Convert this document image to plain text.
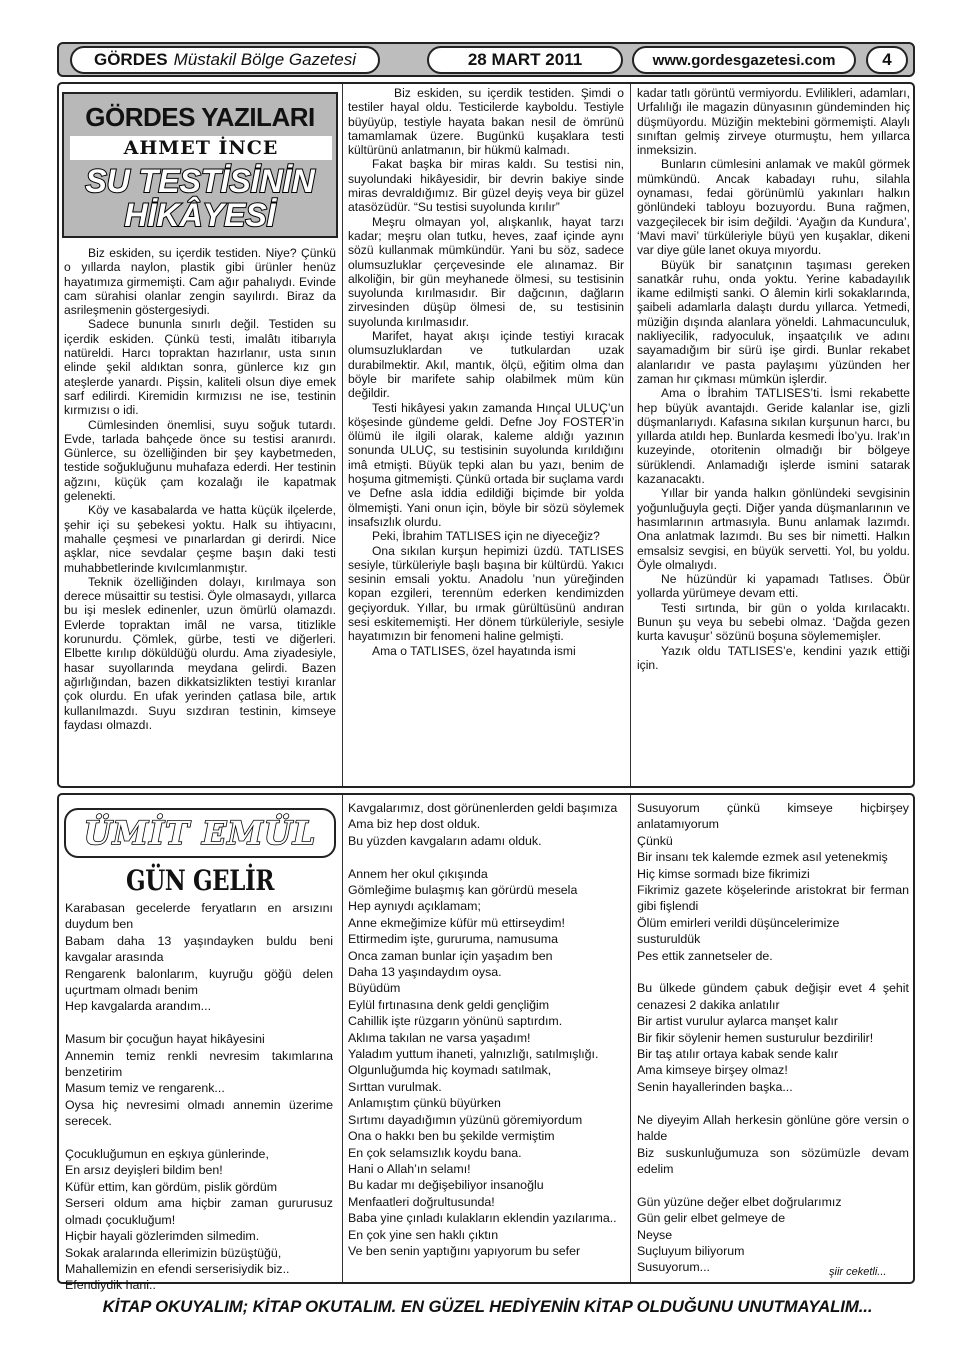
GÖRDES Müstakil Bölge Gazetesi	28 MART 2011	www.gordesgazetesi.com	4
GÖRDES YAZILARI
AHMET İNCE
SU TESTİSİNİN
HİKÂYESİ

Biz eskiden, su içerdik testiden. Niye? Çünkü o yıllarda naylon, plastik gibi ürünler henüz hayatımıza girmemişti. Cam ağır pahalıydı. Evinde cam sürahisi olanlar zengin sayılırdı. Biraz da asrileşmenin göstergesiydi.

Sadece bununla sınırlı değil. Testiden su içerdik eskiden. Çünkü testi, imalâtı itibarıyla natüreldi. Harcı topraktan hazırlanır, usta sının elinde şekil aldıktan sonra, günlerce kız gın ateşlerde yanardı. Pişsin, kaliteli olsun diye emek sarf edilirdi. Kiremidin kırmızısı ne ise, testinin kırmızısı o idi.

Cümlesinden önemlisi, suyu soğuk tutardı. Evde, tarlada bahçede önce su testisi aranırdı. Günlerce, su özelliğinden bir şey kaybetmeden, testide soğukluğunu muhafaza ederdi. Her testinin ağzını, küçük çam kozalağı ile kapatmak gelenekti.

Köy ve kasabalarda ve hatta küçük ilçelerde, şehir içi su şebekesi yoktu. Halk su ihtiyacını, mahalle çeşmesi ve pınarlardan gi derirdi. Nice aşklar, nice sevdalar çeşme başın daki testi muhabbetlerinde kıvılcımlanmıştır.

Teknik özelliğinden dolayı, kırılmaya son derece müsaittir su testisi. Öyle olmasaydı, yıllarca bu işi meslek edinenler, uzun ömürlü olamazdı. Evlerde topraktan imâl ne varsa, titizlikle korunurdu. Çömlek, gürbe, testi ve diğerleri. Elbette kırılıp döküldüğü olurdu. Ama ziyadesiyle, hasar suyollarında meydana gelirdi. Bazen ağırlığından, bazen dikkatsizlikten testiyi kıranlar çok olurdu. En ufak yerinden çatlasa bile, artık kullanılmazdı. Suyu sızdıran testinin, kimseye faydası olmazdı.

Biz eskiden, su içerdik testiden. Şimdi o testiler hayal oldu. Testicilerde kayboldu. Testiyle büyüyüp, testiyle hayata bakan nesil de ömrünü tamamlamak üzere. Bugünkü kuşaklara testi kültürünü anlatmanın, bir hükmü kalmadı.

Fakat başka bir miras kaldı. Su testisi nin, suyolundaki hikâyesidir, bir devrin bakiye sinde miras devraldığımız. Bir güzel deyiş veya bir güzel atasözüdür. “Su testisi suyolunda kırılır”

Meşru olmayan yol, alışkanlık, hayat tarzı kadar; meşru olan tutku, heves, zaaf içinde aynı sözü kullanmak mümkündür. Yani bu söz, sadece olumsuzluklar çerçevesinde ele alınamaz. Bir alkoliğin, bir gün meyhanede ölmesi, su testisinin suyolunda kırılmasıdır. Bir dağcının, dağların zirvesinden düşüp ölmesi de, su testisinin suyolunda kırılmasıdır.

Marifet, hayat akışı içinde testiyi kıracak olumsuzluklardan ve tutkulardan uzak durabilmektir. Akıl, mantık, ölçü, eğitim olma dan böyle bir marifete sahip olabilmek müm kün değildir.

Testi hikâyesi yakın zamanda Hınçal ULUÇ’un köşesinde gündeme geldi. Defne Joy FOSTER’in ölümü ile ilgili olarak, kaleme aldığı yazının sonunda ULUÇ, su testisinin suyolunda kırıldığını imâ etmişti. Büyük tepki alan bu yazı, benim de hoşuma gitmemişti. Çünkü ortada bir suçlama vardı ve Defne asla iddia edildiği biçimde bir yolda ölmemişti. Yani onun için, böyle bir sözü söylemek insafsızlık olurdu.

Peki, İbrahim TATLISES için ne diyeceğiz?

Ona sıkılan kurşun hepimizi üzdü. TATLISES sesiyle, türküleriyle başlı başına bir kültürdü. Yakıcı sesinin emsali yoktu. Anadolu ’nun yüreğinden kopan ezgileri, terennüm ederken kendimizden geçiyorduk. Yıllar, bu ırmak gürültüsünü andıran sesi eskitememişti. Her dönem türküleriyle, sesiyle hayatımızın bir fenomeni haline gelmişti.

Ama o TATLISES, özel hayatında ismi

kadar tatlı görüntü vermiyordu. Evlilikleri, adamları, Urfalılığı ile magazin dünyasının gündeminden hiç düşmüyordu. Müziğin mektebini görmemişti. Alaylı sınıftan gelmiş zirveye oturmuştu, hem yıllarca inmeksizin.

Bunların cümlesini anlamak ve makûl görmek mümkündü. Ancak kabadayı ruhu, silahla oynaması, fedai görünümlü yakınları halkın gönlündeki tabloyu bozuyordu. Buna rağmen, vazgeçilecek bir isim değildi. ‘Ayağın da Kundura’, ‘Mavi mavi’ türküleriyle büyü yen kuşaklar, dikeni var diye güle lanet okuya mıyordu.

Büyük bir sanatçının taşıması gereken sanatkâr ruhu, onda yoktu. Yerine kabadayılık ikame edilmişti sanki. O âlemin kirli sokaklarında, şaibeli adamlarla dalaştı durdu yıllarca. Yetmedi, müziğin dışında alanlara yöneldi. Lahmacunculuk, nakliyecilik, radyoculuk, inşaatçılık ve adını sayamadığım bir sürü işe girdi. Bunlar rekabet alanlarıdır ve pasta paylaşımı yüzünden her zaman hır çıkması mümkün işlerdir.

Ama o İbrahim TATLISES’ti. İsmi rekabette hep büyük avantajdı. Geride kalanlar ise, gizli düşmanlarıydı. Kafasına sıkılan kurşunun harcı, bu yıllarda atıldı hep. Bunlarda kesmedi İbo’yu. Irak’ın kuzeyinde, otoritenin olmadığı bir bölgeye sürüklendi. Anlamadığı işlerde ismini satarak kazanacaktı.

Yıllar bir yanda halkın gönlündeki sevgisinin yoğunluğuyla geçti. Diğer yanda düşmanlarının ve hasımlarının artmasıyla. Bunu anlamak lazımdı. Ona anlatmak lazımdı. Bu ses bir nimetti. Halkın emsalsiz sevgisi, en büyük servetti. Yol, bu yoldu. Öyle olmalıydı.

Ne hüzündür ki yapamadı Tatlıses. Öbür yollarda yürümeye devam etti.

Testi sırtında, bir gün o yolda kırılacaktı. Bunun şu veya bu sebebi olmaz. ‘Dağda gezen kurta kavuşur’ sözünü boşuna söylememişler.

Yazık oldu TATLISES’e, kendini yazık ettiği için.

ÜMİT EMÜL
GÜN GELİR
Karabasan gecelerde feryatların en arsızını duydum ben
Babam daha 13 yaşındayken buldu beni kavgalar arasında
Rengarenk balonlarım, kuyruğu göğü delen uçurtmam olmadı benim
Hep kavgalarda arandım...
Masum bir çocuğun hayat hikâyesini
Annemin temiz renkli nevresim takımlarına benzetirim
Masum temiz ve rengarenk...
Oysa hiç nevresimi olmadı annemin üzerime serecek.
Çocukluğumun en eşkıya günlerinde,
En arsız deyişleri bildim ben!
Küfür ettim, kan gördüm, pislik gördüm
Serseri oldum ama hiçbir zaman gururusuz olmadı çocukluğum!
Hiçbir hayali gözlerimden silmedim.
Sokak aralarında ellerimizin büzüştüğü,
Mahallemizin en efendi serserisiydik biz..
Efendiydik hani..
Kavgalarımız, dost görünenlerden geldi başımıza
Ama biz hep dost olduk.
Bu yüzden kavgaların adamı olduk.
Annem her okul çıkışında
Gömleğime bulaşmış kan görürdü mesela
Hep aynıydı açıklamam;
Anne ekmeğimize küfür mü ettirseydim!
Ettirmedim işte, gururuma, namusuma
Onca zaman bunlar için yaşadım ben
Daha 13 yaşındaydım oysa.
Büyüdüm
Eylül fırtınasına denk geldi gençliğim
Cahillik işte rüzgarın yönünü saptırdım.
Aklıma takılan ne varsa yaşadım!
Yaladım yuttum ihaneti, yalnızlığı, satılmışlığı.
Olgunluğumda hiç koymadı satılmak,
Sırttan vurulmak.
Anlamıştım çünkü büyürken
Sırtımı dayadığımın yüzünü göremiyordum
Ona o hakkı ben bu şekilde vermiştim
En çok selamsızlık koydu bana.
Hani o Allah’ın selamı!
Bu kadar mı değişebiliyor insanoğlu
Menfaatleri doğrultusunda!
Baba yine çınladı kulakların eklendin yazılarıma..
En çok yine sen haklı çıktın
Ve ben senin yaptığını yapıyorum bu sefer
Susuyorum çünkü kimseye hiçbirşey anlatamıyorum
Çünkü
Bir insanı tek kalemde ezmek asıl yetenekmiş
Hiç kimse sormadı bize fikrimizi
Fikrimiz gazete köşelerinde aristokrat bir ferman gibi fişlendi
Ölüm emirleri verildi düşüncelerimize
susturuldük
Pes ettik zannetseler de.
Bu ülkede gündem çabuk değişir evet 4 şehit cenazesi 2 dakika anlatılır
Bir artist vurulur aylarca manşet kalır
Bir fikir söylenir hemen susturulur bezdirilir!
Bir taş atılır ortaya kabak sende kalır
Ama kimseye birşey olmaz!
Senin hayallerinden başka...
Ne diyeyim Allah herkesin gönlüne göre versin o halde
Biz suskunluğumuza son sözümüzle devam edelim
Gün yüzüne değer elbet doğrularımız
Gün gelir elbet gelmeye de
Neyse
Suçluyum biliyorum
Susuyorum...	şiir ceketli...
KİTAP OKUYALIM; KİTAP OKUTALIM. EN GÜZEL HEDİYENİN KİTAP OLDUĞUNU UNUTMAYALIM...
